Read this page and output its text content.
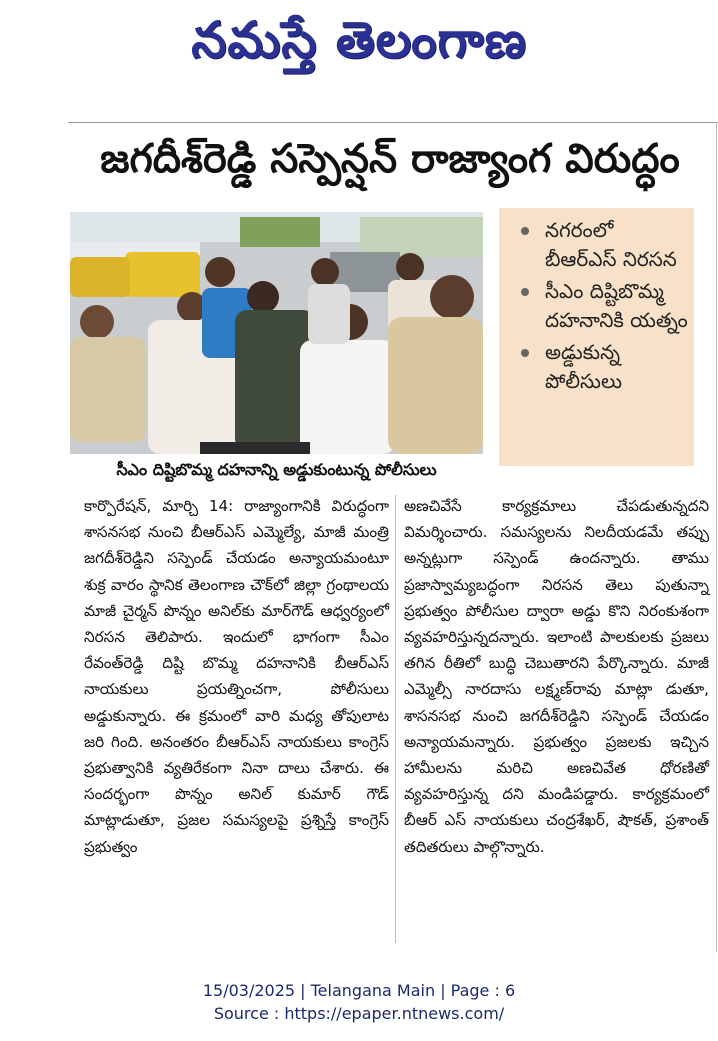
నమస్తే తెలంగాణ
జగదీశ్‌రెడ్డి సస్పెన్షన్ రాజ్యాంగ విరుద్ధం
సీఎం దిష్టిబొమ్మ దహనాన్ని అడ్డుకుంటున్న పోలీసులు
నగరంలో బీఆర్‌ఎస్ నిరసన
సీఎం దిష్టిబొమ్మ దహనానికి యత్నం
అడ్డుకున్న పోలీసులు
కార్పొరేషన్, మార్చి 14: రాజ్యాంగానికి విరుద్ధంగా శాసనసభ నుంచి బీఆర్‌ఎస్ ఎమ్మెల్యే, మాజీ మంత్రి జగదీశ్‌రెడ్డిని సస్పెండ్ చేయడం అన్యాయమంటూ శుక్ర వారం స్థానిక తెలంగాణ చౌక్‌లో జిల్లా గ్రంథాలయ మాజీ చైర్మన్ పొన్నం అనిల్‌కు మార్‌గౌడ్ ఆధ్వర్యంలో నిరసన తెలిపారు. ఇందులో భాగంగా సీఎం రేవంత్‌రెడ్డి దిష్టి బొమ్మ దహనానికి బీఆర్‌ఎస్ నాయకులు ప్రయత్నించగా, పోలీసులు అడ్డుకున్నారు. ఈ క్రమంలో వారి మధ్య తోపులాట జరి గింది. అనంతరం బీఆర్‌ఎస్ నాయకులు కాంగ్రెస్ ప్రభుత్వానికి వ్యతిరేకంగా నినా దాలు చేశారు. ఈ సందర్భంగా పొన్నం అనిల్ కుమార్ గౌడ్ మాట్లాడుతూ, ప్రజల సమస్యలపై ప్రశ్నిస్తే కాంగ్రెస్ ప్రభుత్వం
అణచివేసే కార్యక్రమాలు చేపడుతున్నదని విమర్శించారు. సమస్యలను నిలదీయడమే తప్పు అన్నట్లుగా సస్పెండ్ ఉందన్నారు. తాము ప్రజాస్వామ్యబద్ధంగా నిరసన తెలు పుతున్నా ప్రభుత్వం పోలీసుల ద్వారా అడ్డు కొని నిరంకుశంగా వ్యవహరిస్తున్నదన్నారు. ఇలాంటి పాలకులకు ప్రజలు తగిన రీతిలో బుద్ధి చెబుతారని పేర్కొన్నారు. మాజీ ఎమ్మెల్సీ నారదాసు లక్ష్మణ్‌రావు మాట్లా డుతూ, శాసనసభ నుంచి జగదీశ్‌రెడ్డిని సస్పెండ్ చేయడం అన్యాయమన్నారు. ప్రభుత్వం ప్రజలకు ఇచ్చిన హామీలను మరిచి అణచివేత ధోరణితో వ్యవహరిస్తున్న దని మండిపడ్డారు. కార్యక్రమంలో బీఆర్ ఎస్ నాయకులు చంద్రశేఖర్, షౌకత్, ప్రశాంత్ తదితరులు పాల్గొన్నారు.
15/03/2025 | Telangana Main | Page : 6
Source : https://epaper.ntnews.com/
